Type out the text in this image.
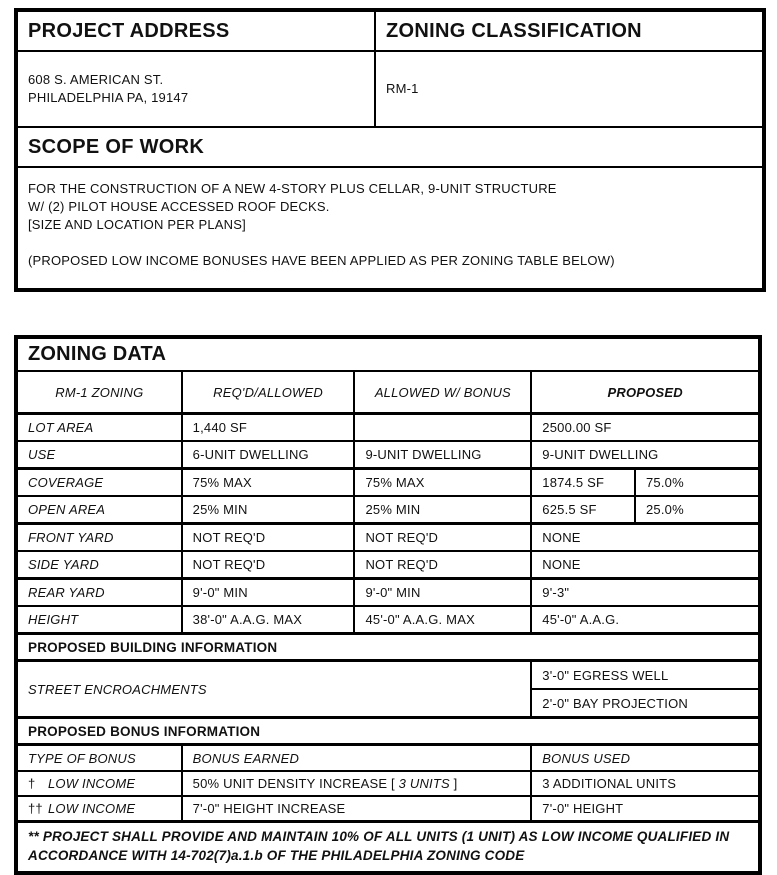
PROJECT ADDRESS	ZONING CLASSIFICATION

608 S. AMERICAN ST.
PHILADELPHIA PA, 19147	RM-1
SCOPE OF WORK	

FOR THE CONSTRUCTION OF A NEW 4-STORY PLUS CELLAR, 9-UNIT STRUCTURE
W/ (2) PILOT HOUSE ACCESSED ROOF DECKS.
[SIZE AND LOCATION PER PLANS]
(PROPOSED LOW INCOME BONUSES HAVE BEEN APPLIED AS PER ZONING TABLE BELOW)	
ZONING DATA				
RM-1 ZONING	REQ'D/ALLOWED	ALLOWED W/ BONUS	PROPOSED	
LOT AREA	1,440 SF		2500.00 SF	
USE	6-UNIT DWELLING	9-UNIT DWELLING	9-UNIT DWELLING	
COVERAGE	75% MAX	75% MAX	1874.5 SF	75.0%
OPEN AREA	25% MIN	25% MIN	625.5 SF	25.0%
FRONT YARD	NOT REQ'D	NOT REQ'D	NONE	
SIDE YARD	NOT REQ'D	NOT REQ'D	NONE	
REAR YARD	9'-0" MIN	9'-0" MIN	9'-3"	
HEIGHT	38'-0" A.A.G. MAX	45'-0" A.A.G. MAX	45'-0" A.A.G.	
PROPOSED BUILDING INFORMATION				
STREET ENCROACHMENTS			3'-0" EGRESS WELL	
			2'-0" BAY PROJECTION	
PROPOSED BONUS INFORMATION				
TYPE OF BONUS	BONUS EARNED		BONUS USED	
† LOW INCOME	50% UNIT DENSITY INCREASE [ 3 UNITS ]		3 ADDITIONAL UNITS	
†† LOW INCOME	7'-0" HEIGHT INCREASE		7'-0" HEIGHT	

** PROJECT SHALL PROVIDE AND MAINTAIN 10% OF ALL UNITS (1 UNIT) AS LOW INCOME QUALIFIED IN
ACCORDANCE WITH 14-702(7)a.1.b OF THE PHILADELPHIA ZONING CODE				
